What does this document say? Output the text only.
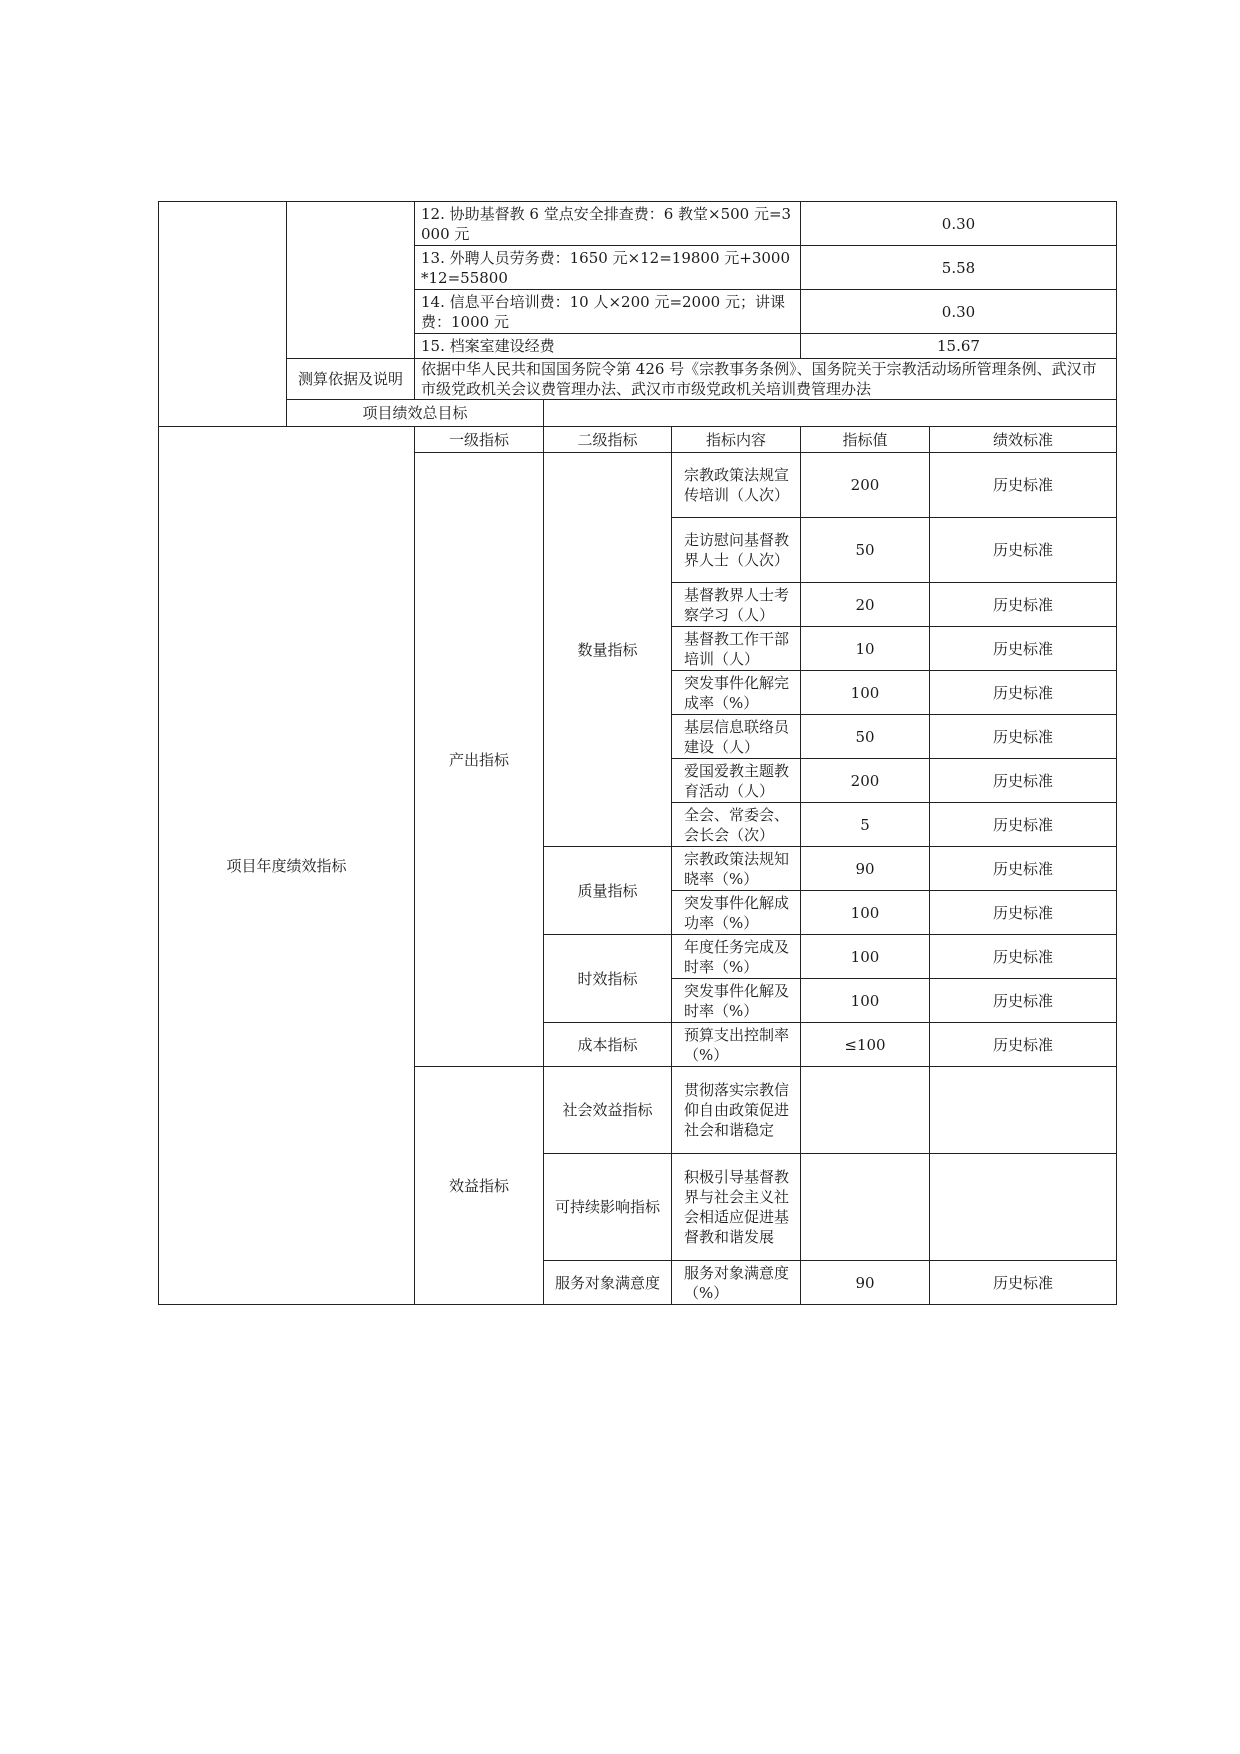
		12. 协助基督教 6 堂点安全排查费：6 教堂×500 元=3000 元			0.30	
		13. 外聘人员劳务费：1650 元×12=19800 元+3000*12=55800			5.58	
		14. 信息平台培训费：10 人×200 元=2000 元；讲课费：1000 元			0.30	
		15. 档案室建设经费			15.67	
	测算依据及说明	依据中华人民共和国国务院令第 426 号《宗教事务条例》、国务院关于宗教活动场所管理条例、武汉市市级党政机关会议费管理办法、武汉市市级党政机关培训费管理办法				
	项目绩效总目标					
项目年度绩效指标		一级指标	二级指标	指标内容	指标值	绩效标准
		产出指标	数量指标	宗教政策法规宣传培训（人次）	200	历史标准
				走访慰问基督教界人士（人次）	50	历史标准
				基督教界人士考察学习（人）	20	历史标准
				基督教工作干部培训（人）	10	历史标准
				突发事件化解完成率（%）	100	历史标准
				基层信息联络员建设（人）	50	历史标准
				爱国爱教主题教育活动（人）	200	历史标准
				全会、常委会、会长会（次）	5	历史标准
			质量指标	宗教政策法规知晓率（%）	90	历史标准
				突发事件化解成功率（%）	100	历史标准
			时效指标	年度任务完成及时率（%）	100	历史标准
				突发事件化解及时率（%）	100	历史标准
			成本指标	预算支出控制率（%）	≤100	历史标准
		效益指标	社会效益指标	贯彻落实宗教信仰自由政策促进社会和谐稳定		
			可持续影响指标	积极引导基督教界与社会主义社会相适应促进基督教和谐发展		
			服务对象满意度	服务对象满意度（%）	90	历史标准
